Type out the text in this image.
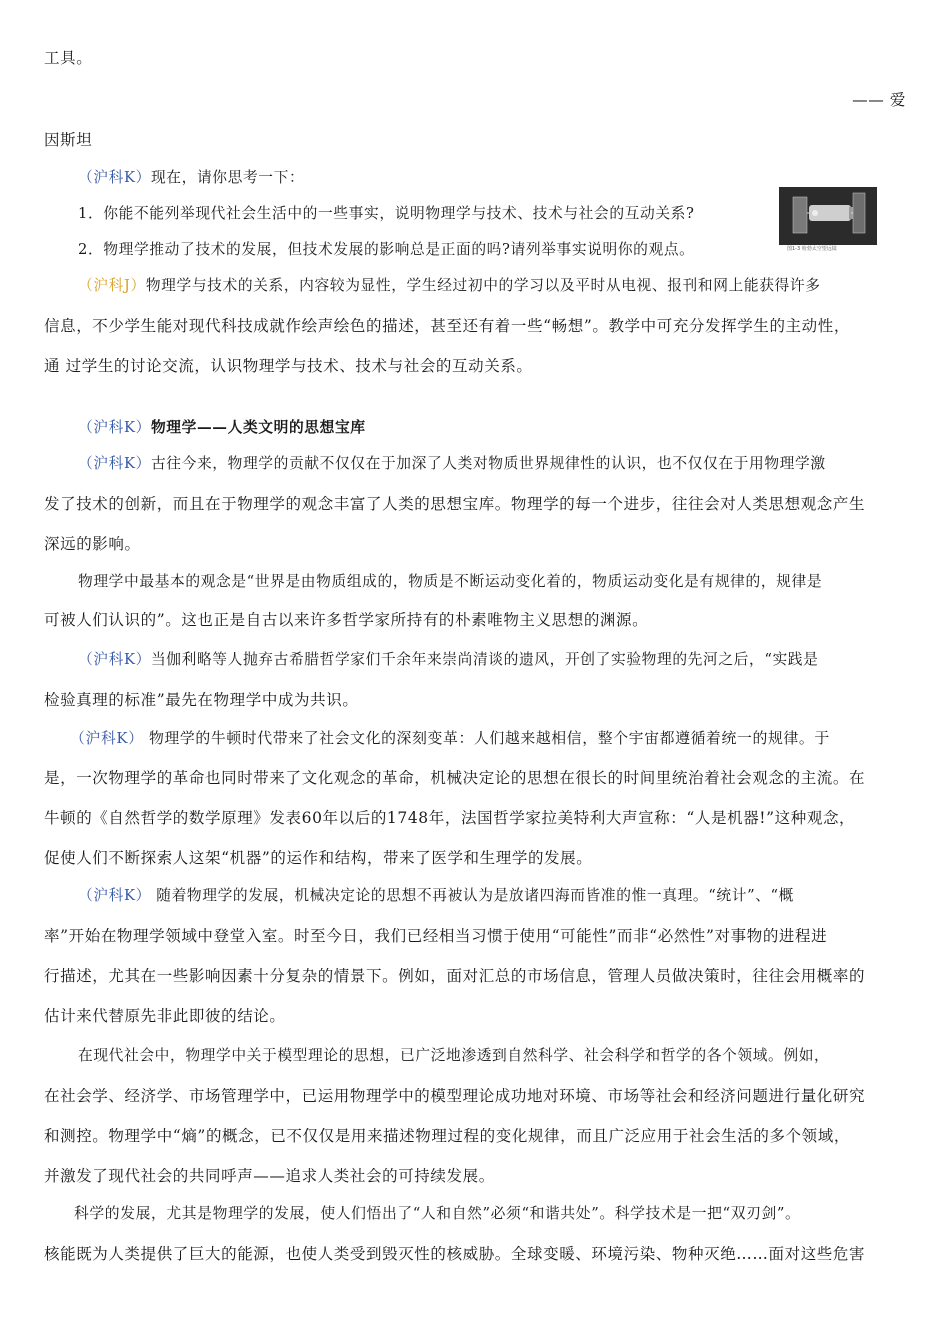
工具。
—— 爱
因斯坦
（沪科K）现在，请你思考一下：
1．你能不能列举现代社会生活中的一些事实，说明物理学与技术、技术与社会的互动关系?
2．物理学推动了技术的发展，但技术发展的影响总是正面的吗?请列举事实说明你的观点。	图1-3 哈勃太空望远镜
（沪科J）物理学与技术的关系，内容较为显性，学生经过初中的学习以及平时从电视、报刊和网上能获得许多
信息，不少学生能对现代科技成就作绘声绘色的描述，甚至还有着一些“畅想”。教学中可充分发挥学生的主动性，
通 过学生的讨论交流，认识物理学与技术、技术与社会的互动关系。
（沪科K）物理学——人类文明的思想宝库
（沪科K）古往今来，物理学的贡献不仅仅在于加深了人类对物质世界规律性的认识，也不仅仅在于用物理学激
发了技术的创新，而且在于物理学的观念丰富了人类的思想宝库。物理学的每一个进步，往往会对人类思想观念产生
深远的影响。
物理学中最基本的观念是“世界是由物质组成的，物质是不断运动变化着的，物质运动变化是有规律的，规律是
可被人们认识的”。这也正是自古以来许多哲学家所持有的朴素唯物主义思想的渊源。
（沪科K）当伽利略等人抛弃古希腊哲学家们千余年来崇尚清谈的遗风，开创了实验物理的先河之后，“实践是
检验真理的标准”最先在物理学中成为共识。
（沪科K） 物理学的牛顿时代带来了社会文化的深刻变革：人们越来越相信，整个宇宙都遵循着统一的规律。于
是，一次物理学的革命也同时带来了文化观念的革命，机械决定论的思想在很长的时间里统治着社会观念的主流。在
牛顿的《自然哲学的数学原理》发表60年以后的1748年，法国哲学家拉美特利大声宣称：“人是机器!”这种观念，
促使人们不断探索人这架“机器”的运作和结构，带来了医学和生理学的发展。
（沪科K） 随着物理学的发展，机械决定论的思想不再被认为是放诸四海而皆准的惟一真理。“统计”、“概
率”开始在物理学领域中登堂入室。时至今日，我们已经相当习惯于使用“可能性”而非“必然性”对事物的进程进
行描述，尤其在一些影响因素十分复杂的情景下。例如，面对汇总的市场信息，管理人员做决策时，往往会用概率的
估计来代替原先非此即彼的结论。
在现代社会中，物理学中关于模型理论的思想，已广泛地渗透到自然科学、社会科学和哲学的各个领域。例如，
在社会学、经济学、市场管理学中，已运用物理学中的模型理论成功地对环境、市场等社会和经济问题进行量化研究
和测控。物理学中“熵”的概念，已不仅仅是用来描述物理过程的变化规律，而且广泛应用于社会生活的多个领域，
并激发了现代社会的共同呼声——追求人类社会的可持续发展。
科学的发展，尤其是物理学的发展，使人们悟出了“人和自然”必须“和谐共处”。科学技术是一把“双刃剑”。
核能既为人类提供了巨大的能源，也使人类受到毁灭性的核威胁。全球变暖、环境污染、物种灭绝……面对这些危害
